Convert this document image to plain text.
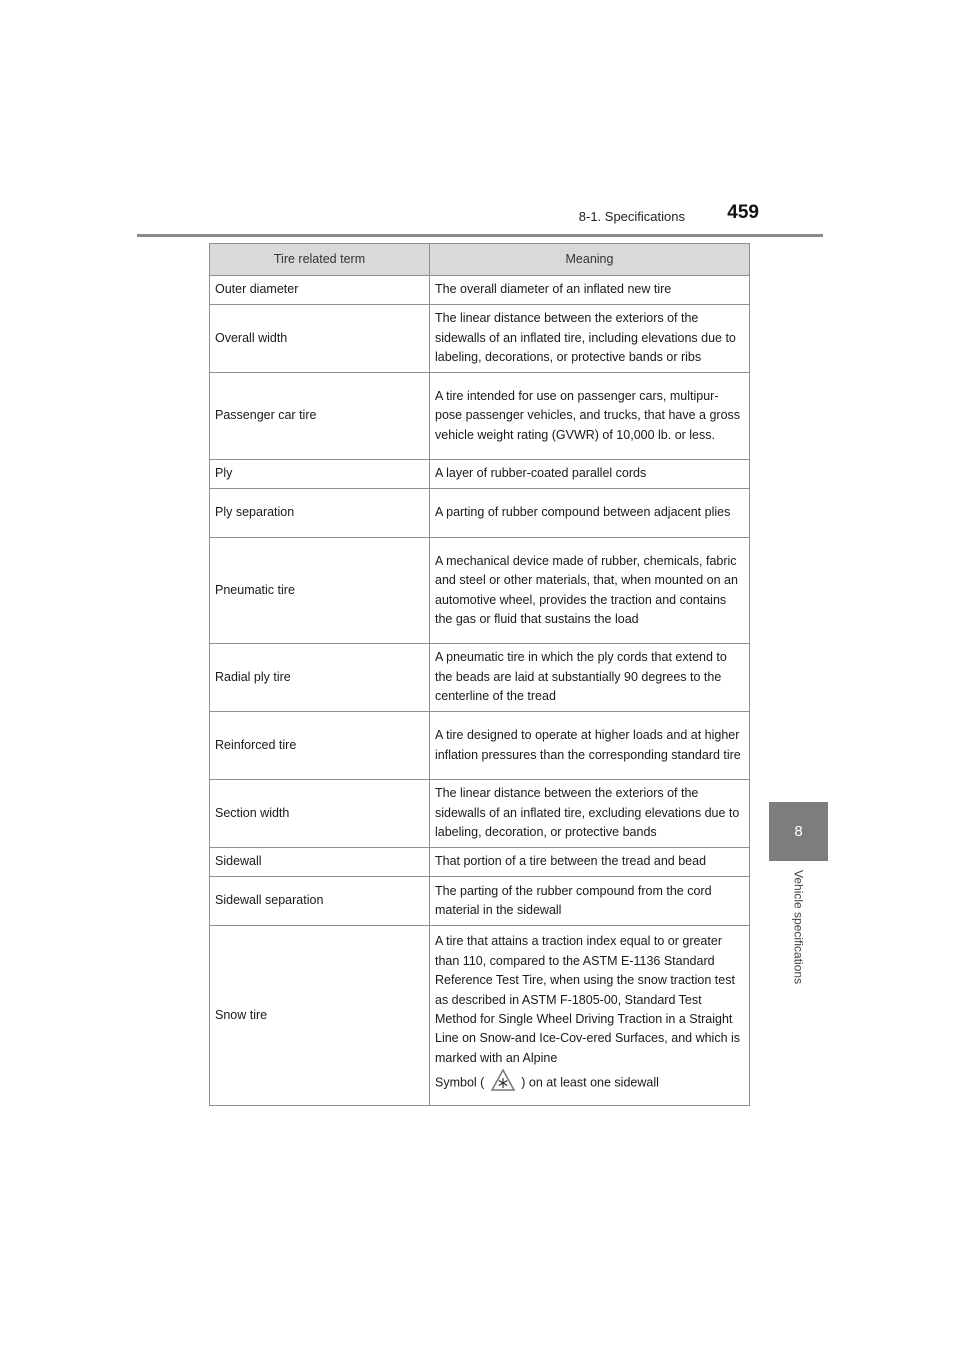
8-1. Specifications 459
8
Vehicle specifications
Tire related term	Meaning
Outer diameter	The overall diameter of an inflated new tire
Overall width	The linear distance between the exteriors of the sidewalls of an inflated tire, including elevations due to labeling, decorations, or protective bands or ribs
Passenger car tire	A tire intended for use on passenger cars, multipur-pose passenger vehicles, and trucks, that have a gross vehicle weight rating (GVWR) of 10,000 lb. or less.
Ply	A layer of rubber-coated parallel cords
Ply separation	A parting of rubber compound between adjacent plies
Pneumatic tire	A mechanical device made of rubber, chemicals, fabric and steel or other materials, that, when mounted on an automotive wheel, provides the traction and contains the gas or fluid that sustains the load
Radial ply tire	A pneumatic tire in which the ply cords that extend to the beads are laid at substantially 90 degrees to the centerline of the tread
Reinforced tire	A tire designed to operate at higher loads and at higher inflation pressures than the corresponding standard tire
Section width	The linear distance between the exteriors of the sidewalls of an inflated tire, excluding elevations due to labeling, decoration, or protective bands
Sidewall	That portion of a tire between the tread and bead
Sidewall separation	The parting of the rubber compound from the cord material in the sidewall
Snow tire	A tire that attains a traction index equal to or greater than 110, compared to the ASTM E-1136 Standard Reference Test Tire, when using the snow traction test as described in ASTM F-1805-00, Standard Test Method for Single Wheel Driving Traction in a Straight Line on Snow-and Ice-Cov-ered Surfaces, and which is marked with an Alpine
Symbol ( ) on at least one sidewall
